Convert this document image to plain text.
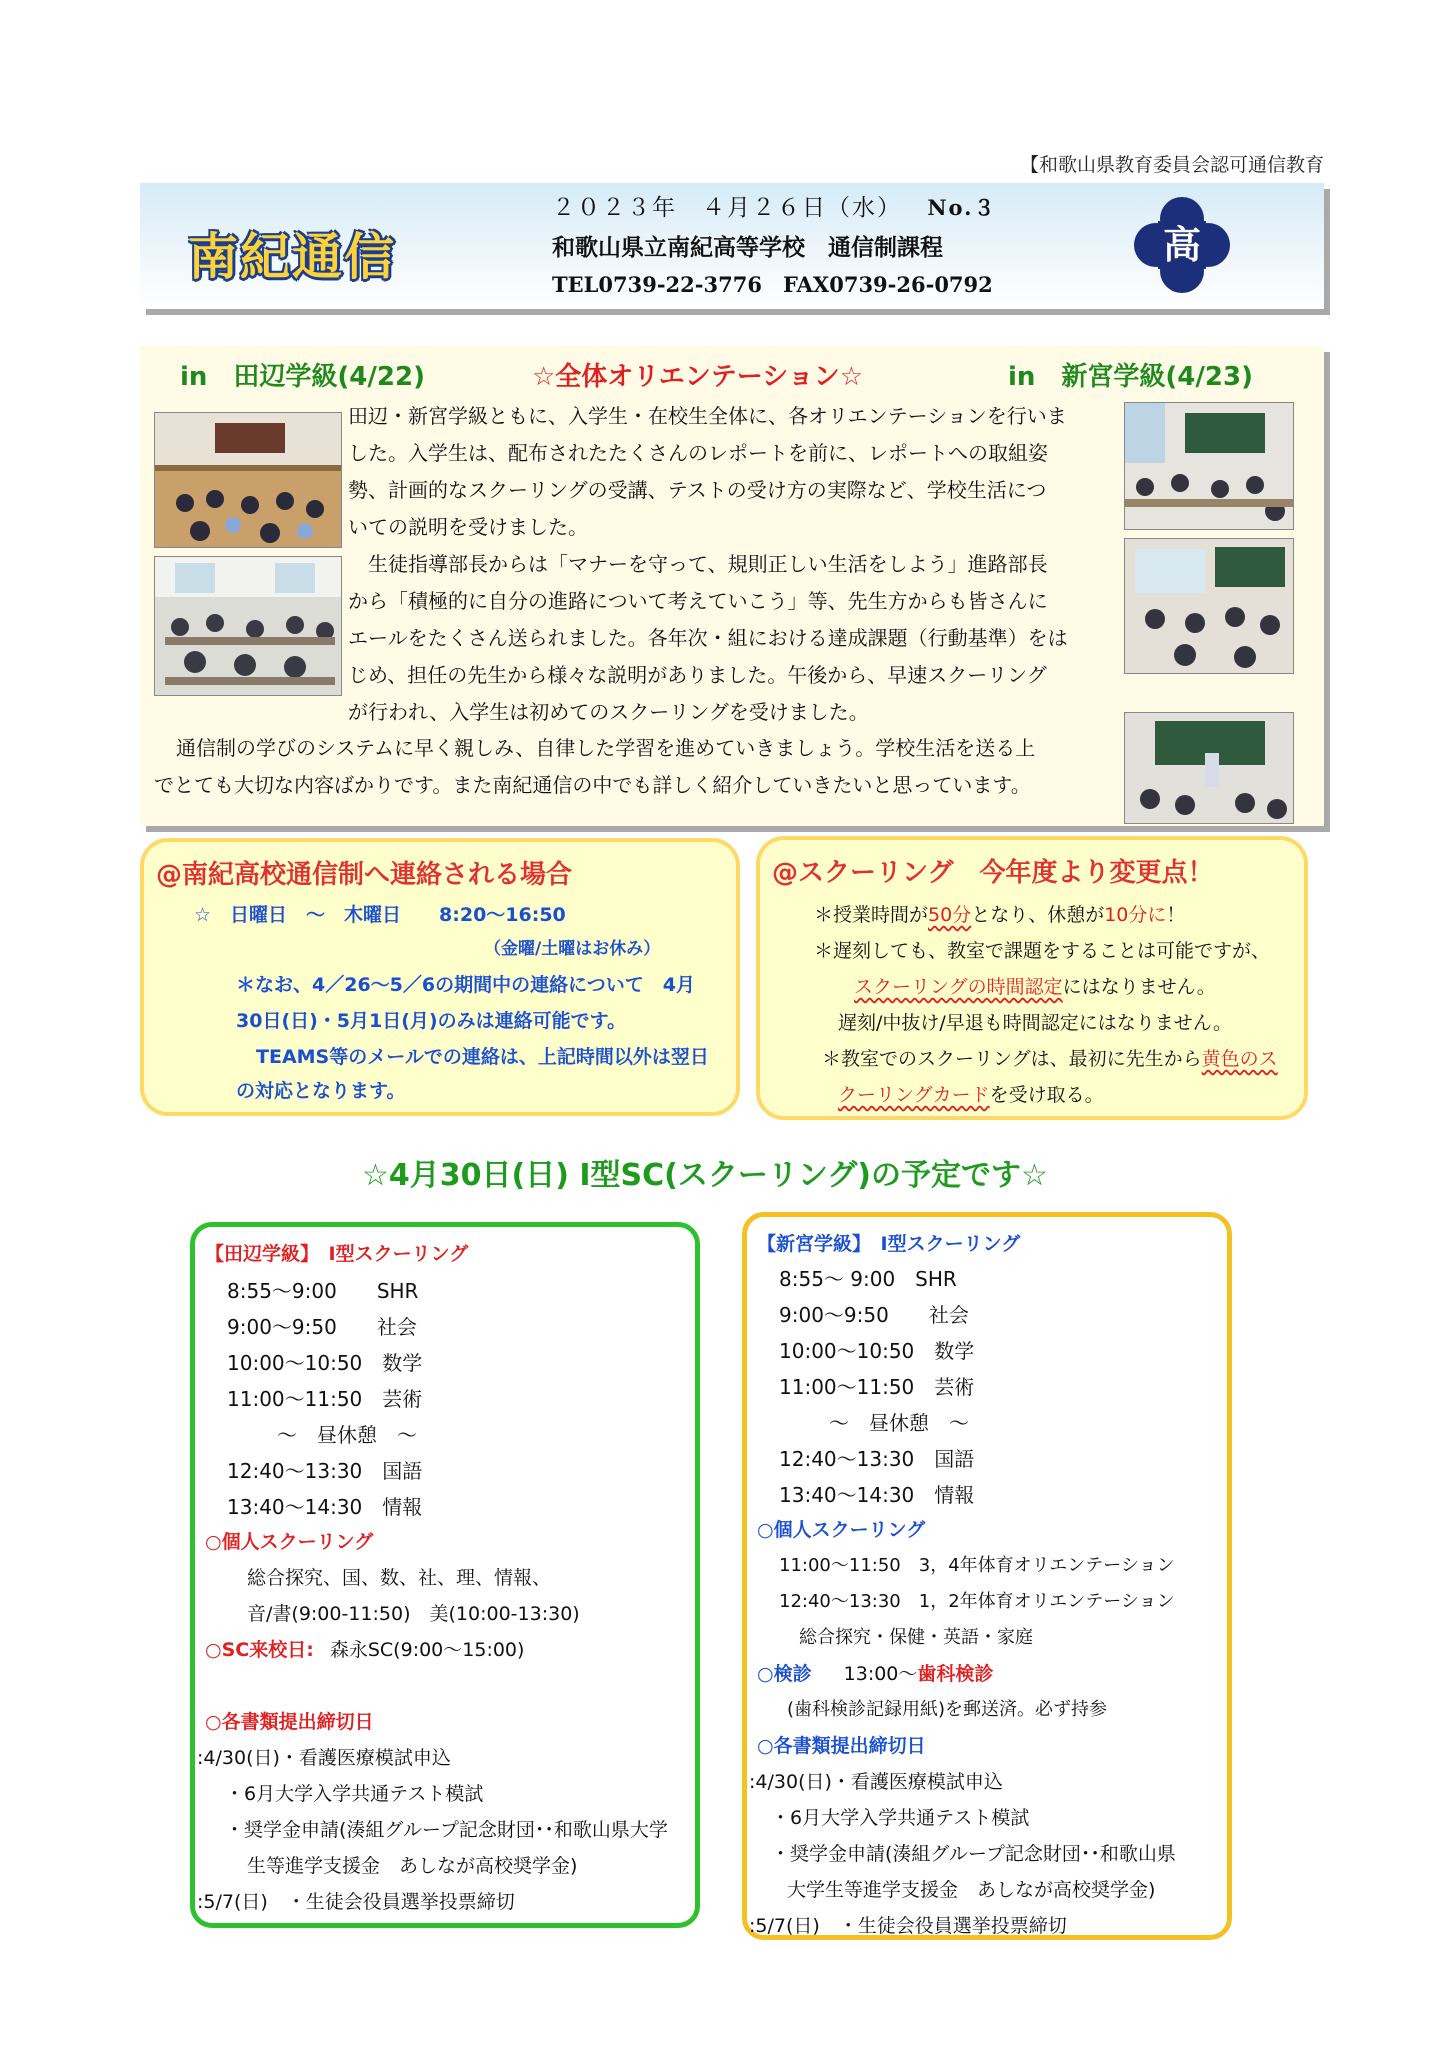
【和歌山県教育委員会認可通信教育
南紀通信
２０２３年　４月２６日（水） No.３
和歌山県立南紀高等学校　通信制課程
TEL0739-22-3776　FAX0739-26-0792
高
in　田辺学級(4/22)	☆全体オリエンテーション☆	in　新宮学級(4/23)
田辺・新宮学級ともに、入学生・在校生全体に、各オリエンテーションを行いま
した。入学生は、配布されたたくさんのレポートを前に、レポートへの取組姿
勢、計画的なスクーリングの受講、テストの受け方の実際など、学校生活につ
いての説明を受けました。
　生徒指導部長からは「マナーを守って、規則正しい生活をしよう」進路部長
から「積極的に自分の進路について考えていこう」等、先生方からも皆さんに
エールをたくさん送られました。各年次・組における達成課題（行動基準）をは
じめ、担任の先生から様々な説明がありました。午後から、早速スクーリング
が行われ、入学生は初めてのスクーリングを受けました。
通信制の学びのシステムに早く親しみ、自律した学習を進めていきましょう。学校生活を送る上
でとても大切な内容ばかりです。また南紀通信の中でも詳しく紹介していきたいと思っています。
@南紀高校通信制へ連絡される場合
☆　日曜日　～　木曜日　　8:20～16:50
（金曜/土曜はお休み）
＊なお、4／26～5／6の期間中の連絡について　4月
30日(日)・5月1日(月)のみは連絡可能です。
TEAMS等のメールでの連絡は、上記時間以外は翌日
の対応となります。
@スクーリング　今年度より変更点！
＊授業時間が50分となり、休憩が10分に！
＊遅刻しても、教室で課題をすることは可能ですが、
スクーリングの時間認定にはなりません。
遅刻/中抜け/早退も時間認定にはなりません。
＊教室でのスクーリングは、最初に先生から黄色のス
クーリングカードを受け取る。
☆4月30日(日) Ⅰ型SC(スクーリング)の予定です☆
【田辺学級】　Ⅰ型スクーリング
8:55～9:00　　SHR
9:00～9:50　　社会
10:00～10:50　数学
11:00～11:50　芸術
　～　昼休憩　～
12:40～13:30　国語
13:40～14:30　情報
○個人スクーリング
総合探究、国、数、社、理、情報、
音/書(9:00-11:50)　美(10:00-13:30)
○SC来校日: 森永SC(9:00～15:00)
○各書類提出締切日
:4/30(日)・看護医療模試申込
・6月大学入学共通テスト模試
・奨学金申請(湊組グループ記念財団･･和歌山県大学
生等進学支援金　あしなが高校奨学金)
:5/7(日)　・生徒会役員選挙投票締切
【新宮学級】　Ⅰ型スクーリング
8:55～ 9:00　SHR
9:00～9:50　　社会
10:00～10:50　数学
11:00～11:50　芸術
　～　昼休憩　～
12:40～13:30　国語
13:40～14:30　情報
○個人スクーリング
11:00～11:50　3，4年体育オリエンテーション
12:40～13:30　1，2年体育オリエンテーション
総合探究・保健・英語・家庭
○検診 13:00～歯科検診
(歯科検診記録用紙)を郵送済。必ず持参
○各書類提出締切日
:4/30(日)・看護医療模試申込
・6月大学入学共通テスト模試
・奨学金申請(湊組グループ記念財団･･和歌山県
大学生等進学支援金　あしなが高校奨学金)
:5/7(日)　・生徒会役員選挙投票締切
